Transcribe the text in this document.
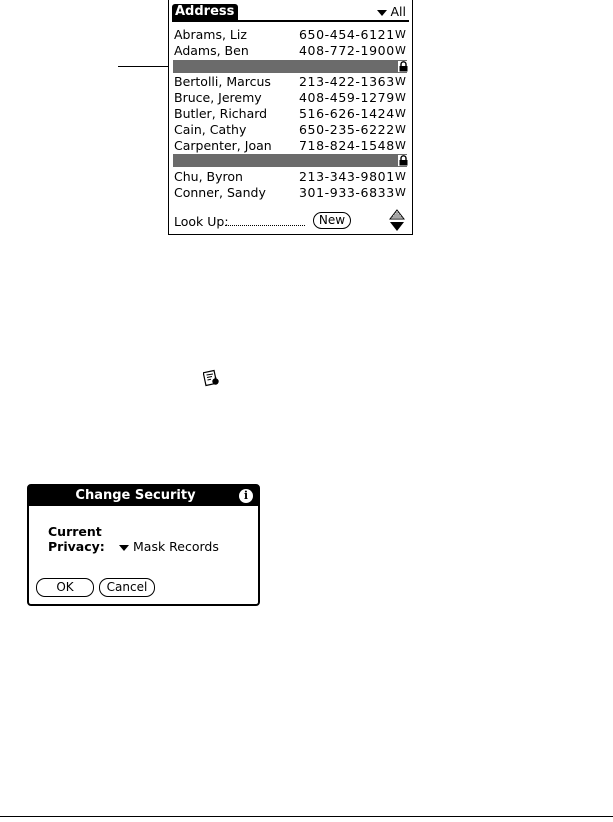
Address	All
Abrams, Liz	650-454-6121 W
Adams, Ben	408-772-1900 W
Bertolli, Marcus 213-422-1363 W
Bruce, Jeremy	408-459-1279 W
Butler, Richard	516-626-1424 W
Cain, Cathy	650-235-6222 W
Carpenter, Joan 718-824-1548 W
Chu, Byron	213-343-9801 W
Conner, Sandy	301-933-6833 W
Look Up:	New
Change Security	i
Current
Privacy:	Mask Records
OK	Cancel
